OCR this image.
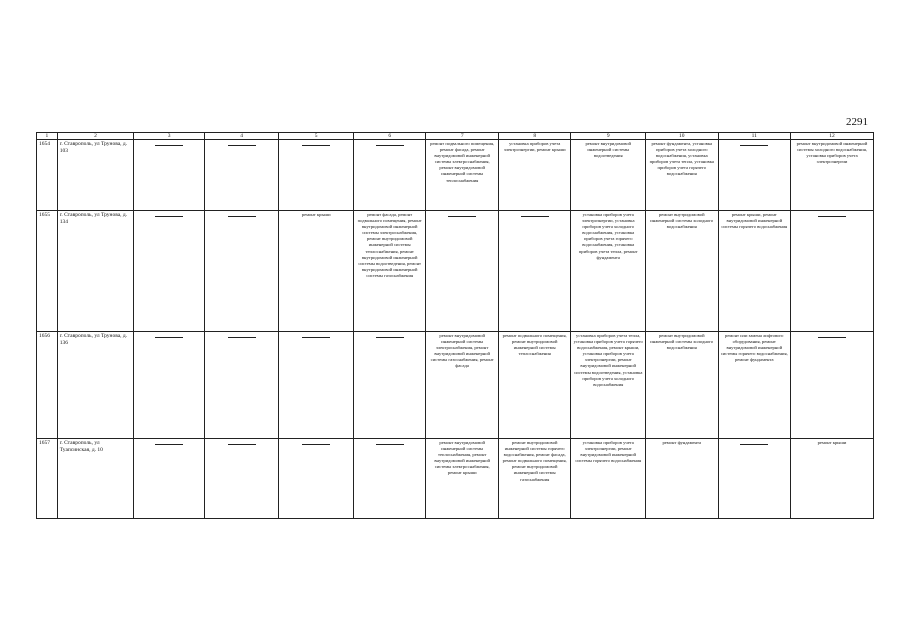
2291
1	2	3	4	5	6	7	8	9	10	11	12
1654	г. Ставрополь, ул Трунова, д. 103					ремонт подвального помещения, ремонт фасада, ремонт внутридомовой инженерной системы электроснабжения, ремонт внутридомовой инженерной системы теплоснабжения	установка приборов учета электроэнергии, ремонт крыши	ремонт внутридомовой инженерной системы водоотведения	ремонт фундамента, установка приборов учета холодного водоснабжения, установка приборов учета тепла, установка приборов учета горячего водоснабжения		ремонт внутридомовой инженерной системы холодного водоснабжения, установка приборов учета электроэнергии
1655	г. Ставрополь, ул Трунова, д. 134			ремонт крыши	ремонт фасада, ремонт подвального помещения, ремонт внутридомовой инженерной системы электроснабжения, ремонт внутридомовой инженерной системы теплоснабжения, ремонт внутридомовой инженерной системы водоотведения, ремонт внутридомовой инженерной системы газоснабжения			установка приборов учета электроэнергии, установка приборов учета холодного водоснабжения, установка приборов учета горячего водоснабжения, установка приборов учета тепла, ремонт фундамента	ремонт внутридомовой инженерной системы холодного водоснабжения	ремонт крыши, ремонт внутридомовой инженерной системы горячего водоснабжения	

1656	г. Ставрополь, ул Трунова, д. 136					ремонт внутридомовой инженерной системы электроснабжения, ремонт внутридомовой инженерной системы газоснабжения, ремонт фасада	ремонт подвального помещения, ремонт внутридомовой инженерной системы теплоснабжения	установка приборов учета тепла, установка приборов учета горячего водоснабжения, ремонт крыши, установка приборов учета электроэнергии, ремонт внутридомовой инженерной системы водоотведения, установка приборов учета холодного водоснабжения	ремонт внутридомовой инженерной системы холодного водоснабжения	ремонт или замена лифтового оборудования, ремонт внутридомовой инженерной системы горячего водоснабжения, ремонт фундамента	

1657	г. Ставрополь, ул Туапсинская, д. 10					ремонт внутридомовой инженерной системы теплоснабжения, ремонт внутридомовой инженерной системы электроснабжения, ремонт крыши	ремонт внутридомовой инженерной системы горячего водоснабжения, ремонт фасада, ремонт подвального помещения, ремонт внутридомовой инженерной системы газоснабжения	установка приборов учета электроэнергии, ремонт внутридомовой инженерной системы горячего водоснабжения	ремонт фундамента		ремонт крыши
